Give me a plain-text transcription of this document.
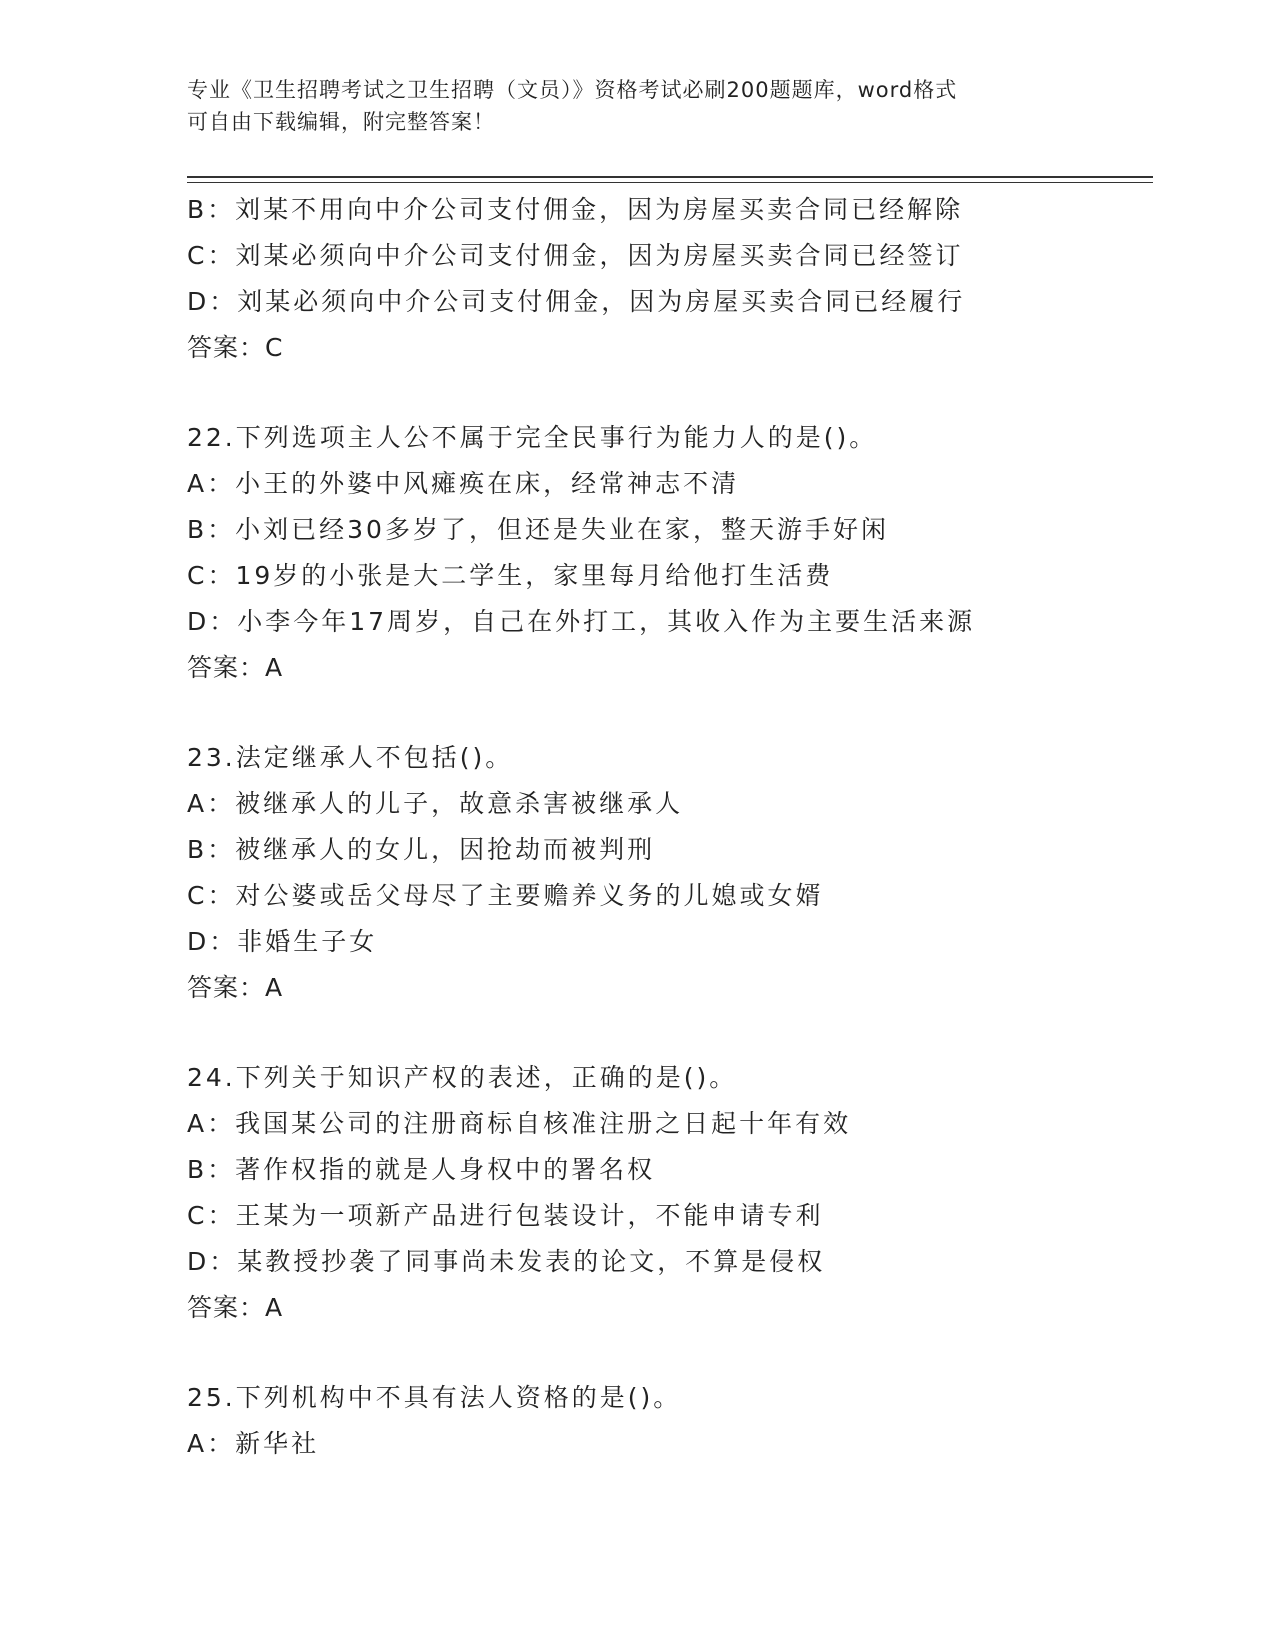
专业《卫生招聘考试之卫生招聘（文员）》资格考试必刷200题题库，word格式
可自由下载编辑，附完整答案！
B：刘某不用向中介公司支付佣金，因为房屋买卖合同已经解除
C：刘某必须向中介公司支付佣金，因为房屋买卖合同已经签订
D：刘某必须向中介公司支付佣金，因为房屋买卖合同已经履行
答案：C
22.下列选项主人公不属于完全民事行为能力人的是()。
A：小王的外婆中风瘫痪在床，经常神志不清
B：小刘已经30多岁了，但还是失业在家，整天游手好闲
C：19岁的小张是大二学生，家里每月给他打生活费
D：小李今年17周岁，自己在外打工，其收入作为主要生活来源
答案：A
23.法定继承人不包括()。
A：被继承人的儿子，故意杀害被继承人
B：被继承人的女儿，因抢劫而被判刑
C：对公婆或岳父母尽了主要赡养义务的儿媳或女婿
D：非婚生子女
答案：A
24.下列关于知识产权的表述，正确的是()。
A：我国某公司的注册商标自核准注册之日起十年有效
B：著作权指的就是人身权中的署名权
C：王某为一项新产品进行包装设计，不能申请专利
D：某教授抄袭了同事尚未发表的论文，不算是侵权
答案：A
25.下列机构中不具有法人资格的是()。
A：新华社
